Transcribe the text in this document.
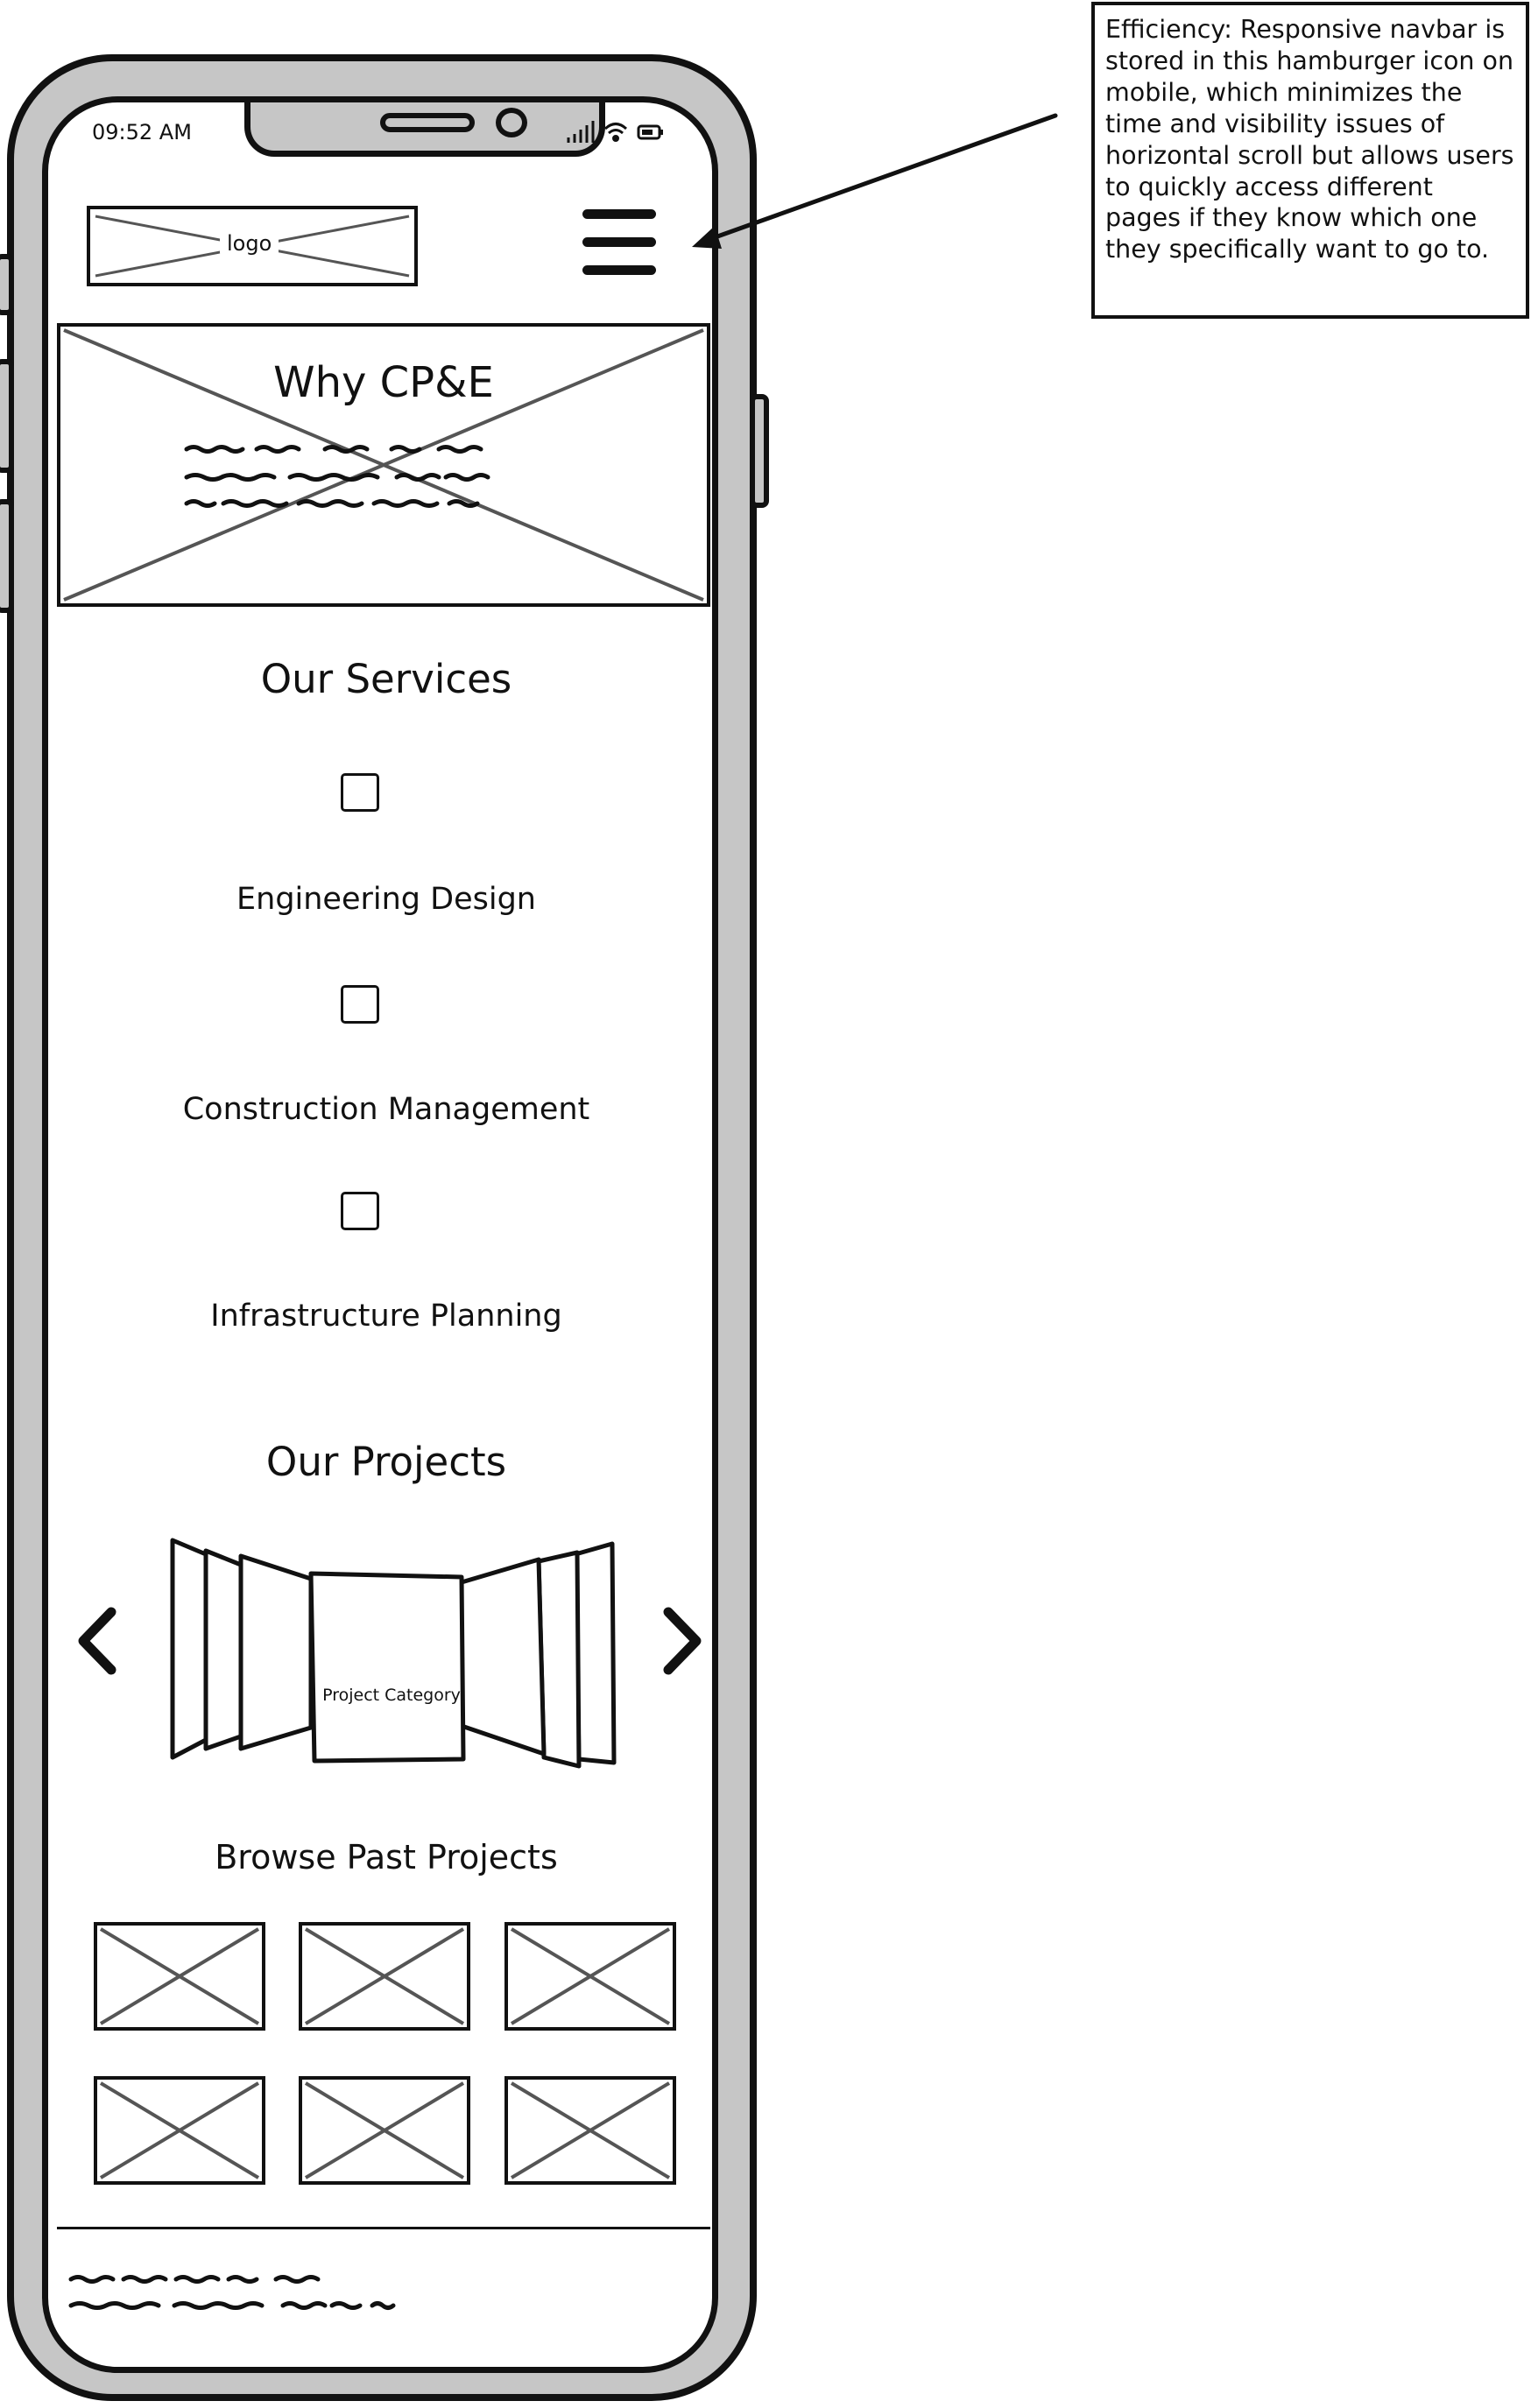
09:52 AM
logo
Why CP&E
Our Services
Engineering Design
Construction Management
Infrastructure Planning
Our Projects
Project Category
Browse Past Projects
Efficiency: Responsive navbar is stored in this hamburger icon on mobile, which minimizes the time and visibility issues of horizontal scroll but allows users to quickly access different pages if they know which one they specifically want to go to.
